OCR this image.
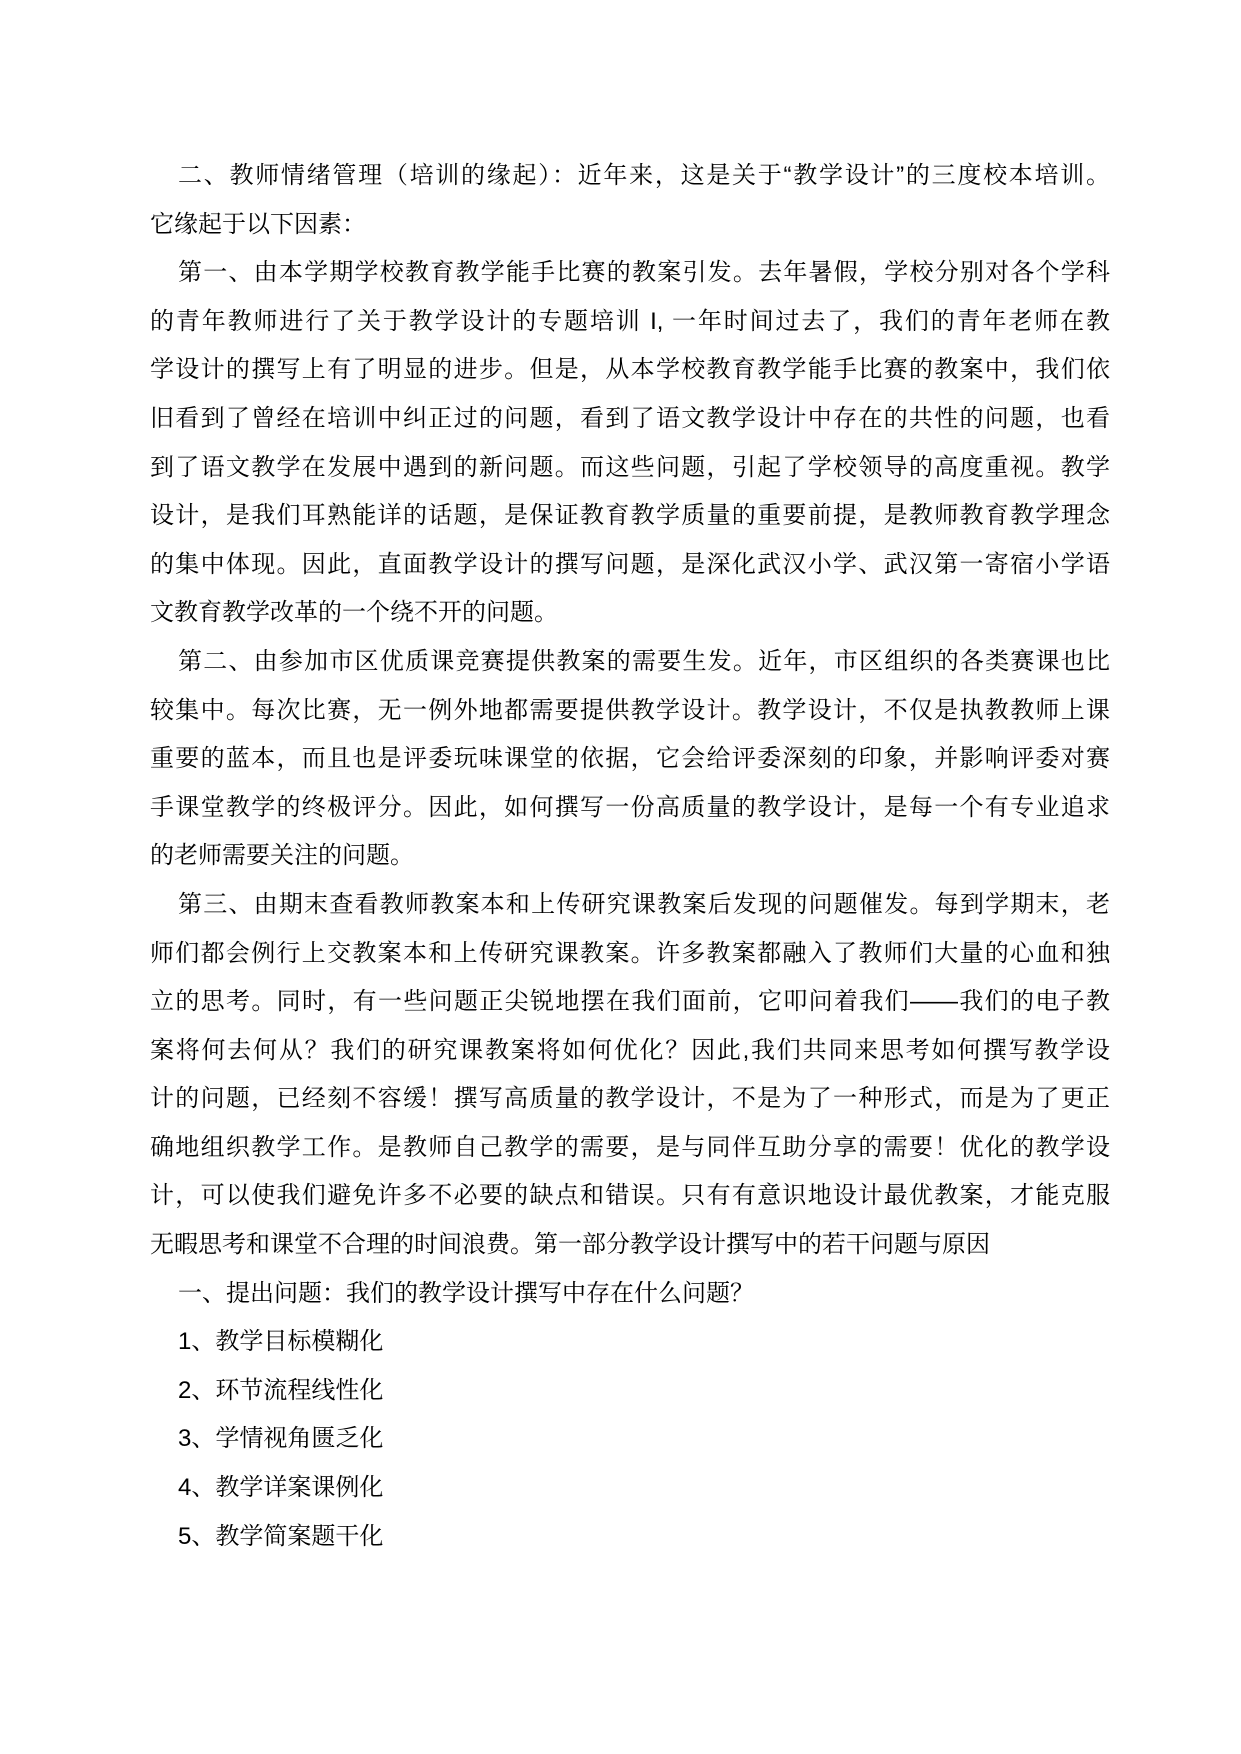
二、教师情绪管理（培训的缘起）：近年来，这是关于“教学设计”的三度校本培训。
它缘起于以下因素：
第一、由本学期学校教育教学能手比赛的教案引发。去年暑假，学校分别对各个学科
的青年教师进行了关于教学设计的专题培训 I, 一年时间过去了，我们的青年老师在教
学设计的撰写上有了明显的进步。但是，从本学校教育教学能手比赛的教案中，我们依
旧看到了曾经在培训中纠正过的问题，看到了语文教学设计中存在的共性的问题，也看
到了语文教学在发展中遇到的新问题。而这些问题，引起了学校领导的高度重视。教学
设计，是我们耳熟能详的话题，是保证教育教学质量的重要前提，是教师教育教学理念
的集中体现。因此，直面教学设计的撰写问题，是深化武汉小学、武汉第一寄宿小学语
文教育教学改革的一个绕不开的问题。
第二、由参加市区优质课竞赛提供教案的需要生发。近年，市区组织的各类赛课也比
较集中。每次比赛，无一例外地都需要提供教学设计。教学设计，不仅是执教教师上课
重要的蓝本，而且也是评委玩味课堂的依据，它会给评委深刻的印象，并影响评委对赛
手课堂教学的终极评分。因此，如何撰写一份高质量的教学设计，是每一个有专业追求
的老师需要关注的问题。
第三、由期末查看教师教案本和上传研究课教案后发现的问题催发。每到学期末，老
师们都会例行上交教案本和上传研究课教案。许多教案都融入了教师们大量的心血和独
立的思考。同时，有一些问题正尖锐地摆在我们面前，它叩问着我们——我们的电子教
案将何去何从？我们的研究课教案将如何优化？因此,我们共同来思考如何撰写教学设
计的问题，已经刻不容缓！撰写高质量的教学设计，不是为了一种形式，而是为了更正
确地组织教学工作。是教师自己教学的需要，是与同伴互助分享的需要！优化的教学设
计，可以使我们避免许多不必要的缺点和错误。只有有意识地设计最优教案，才能克服
无暇思考和课堂不合理的时间浪费。第一部分教学设计撰写中的若干问题与原因
一、提出问题：我们的教学设计撰写中存在什么问题？
1、教学目标模糊化
2、环节流程线性化
3、学情视角匮乏化
4、教学详案课例化
5、教学简案题干化
